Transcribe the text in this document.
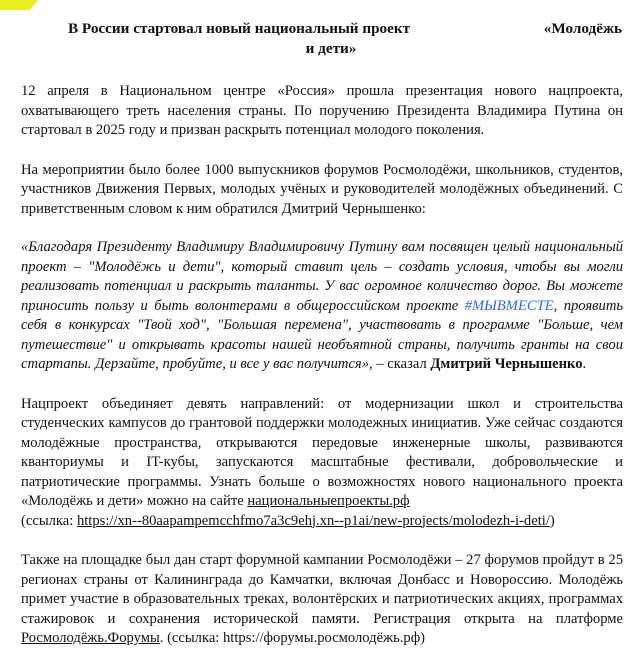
В России стартовал новый национальный проект	«Молодёжь
и дети»

12 апреля в Национальном центре «Россия» прошла презентация нового нацпроекта, охватывающего треть населения страны. По поручению Президента Владимира Путина он стартовал в 2025 году и призван раскрыть потенциал молодого поколения.

На мероприятии было более 1000 выпускников форумов Росмолодёжи, школьников, студентов, участников Движения Первых, молодых учёных и руководителей молодёжных объединений. С приветственным словом к ним обратился Дмитрий Чернышенко:

«Благодаря Президенту Владимиру Владимировичу Путину вам посвящен целый национальный проект – "Молодёжь и дети", который ставит цель – создать условия, чтобы вы могли реализовать потенциал и раскрыть таланты. У вас огромное количество дорог. Вы можете приносить пользу и быть волонтерами в общероссийском проекте #МЫВМЕСТЕ, проявить себя в конкурсах "Твой ход", "Большая перемена", участвовать в программе "Больше, чем путешествие" и открывать красоты нашей необъятной страны, получить гранты на свои стартапы. Дерзайте, пробуйте, и все у вас получится», – сказал Дмитрий Чернышенко.

Нацпроект объединяет девять направлений: от модернизации школ и строительства студенческих кампусов до грантовой поддержки молодежных инициатив. Уже сейчас создаются молодёжные пространства, открываются передовые инженерные школы, развиваются кванториумы и IT-кубы, запускаются масштабные фестивали, добровольческие и патриотические программы. Узнать больше о возможностях нового национального проекта «Молодёжь и дети» можно на сайте национальныепроекты.рф
(ссылка: https://xn--80aapampemcchfmo7a3c9ehj.xn--p1ai/new-projects/molodezh-i-deti/)

Также на площадке был дан старт форумной кампании Росмолодёжи – 27 форумов пройдут в 25 регионах страны от Калининграда до Камчатки, включая Донбасс и Новороссию. Молодёжь примет участие в образовательных треках, волонтёрских и патриотических акциях, программах стажировок и сохранения исторической памяти. Регистрация открыта на платформе Росмолодёжь.Форумы. (ссылка: https://форумы.росмолодёжь.рф)
